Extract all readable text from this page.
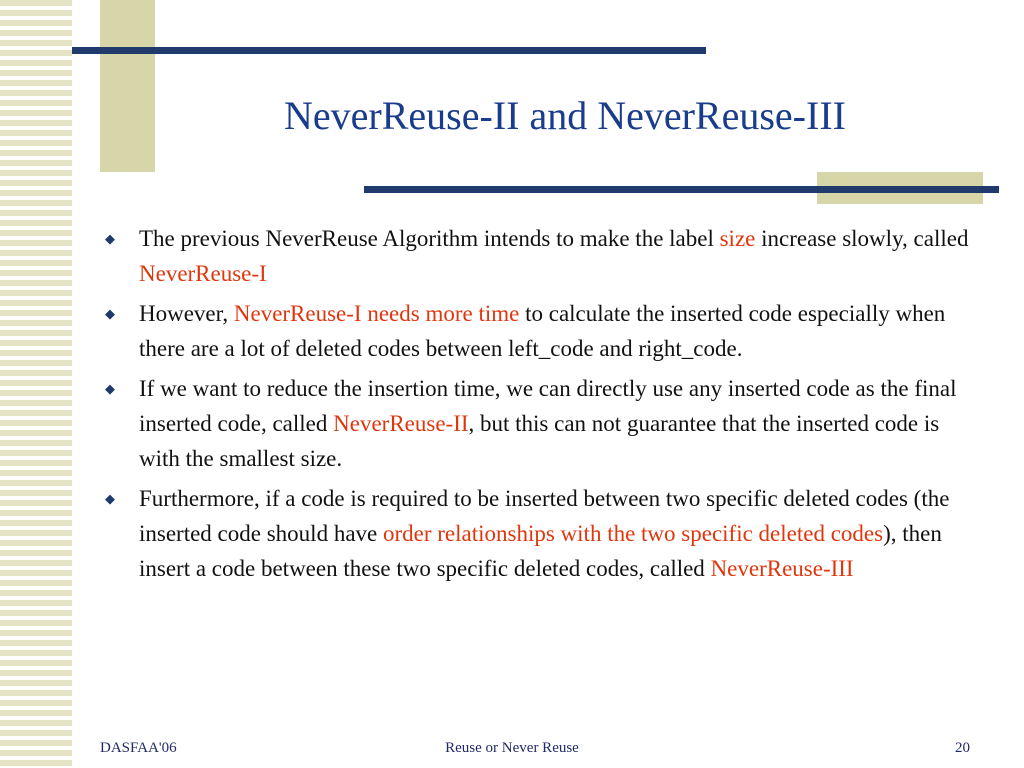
NeverReuse-II and NeverReuse-III
◆ The previous NeverReuse Algorithm intends to make the label size increase slowly, called NeverReuse-I
◆ However, NeverReuse-I needs more time to calculate the inserted code especially when there are a lot of deleted codes between left_code and right_code.
◆ If we want to reduce the insertion time, we can directly use any inserted code as the final inserted code, called NeverReuse-II, but this can not guarantee that the inserted code is with the smallest size.
◆ Furthermore, if a code is required to be inserted between two specific deleted codes (the inserted code should have order relationships with the two specific deleted codes), then insert a code between these two specific deleted codes, called NeverReuse-III
DASFAA'06	Reuse or Never Reuse	20
